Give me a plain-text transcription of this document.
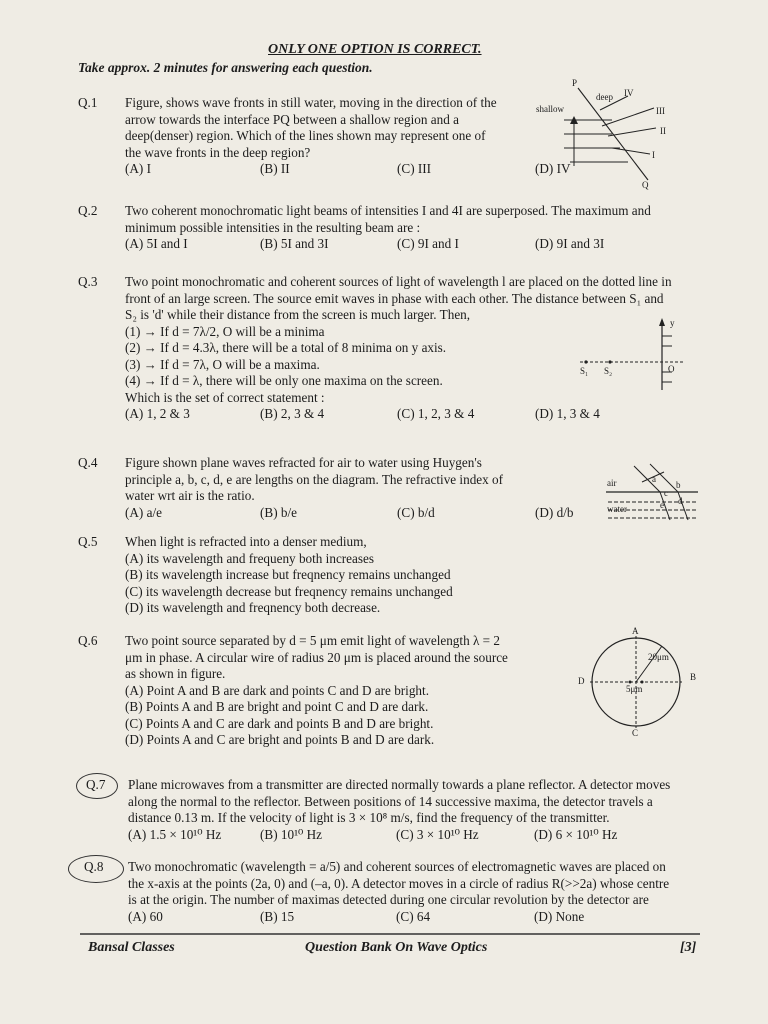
ONLY ONE OPTION IS CORRECT.
Take approx. 2 minutes for answering each question.
Q.1	Figure, shows wave fronts in still water, moving in the direction of the
arrow towards the interface PQ between a shallow region and a
deep(denser) region. Which of the lines shown may represent one of
the wave fronts in the deep region?
(A) I	(B) II	(C) III	(D) IV
P
Q
shallow
deep IV
III
II
I
Q.2	Two coherent monochromatic light beams of intensities I and 4I are superposed. The maximum and
minimum possible intensities in the resulting beam are :
(A) 5I and I	(B) 5I and 3I	(C) 9I and I	(D) 9I and 3I
Q.3	Two point monochromatic and coherent sources of light of wavelength l are placed on the dotted line in
front of an large screen. The source emit waves in phase with each other. The distance between S₁ and
S₂ is 'd' while their distance from the screen is much larger. Then,
(1) → If d = 7λ/2, O will be a minima
(2) → If d = 4.3λ, there will be a total of 8 minima on y axis.
(3) → If d = 7λ, O will be a maxima.
(4) → If d = λ, there will be only one maxima on the screen.
Which is the set of correct statement :
(A) 1, 2 & 3	(B) 2, 3 & 4	(C) 1, 2, 3 & 4	(D) 1, 3 & 4
y
S₁ S₂	O
Q.4	Figure shown plane waves refracted for air to water using Huygen's
principle a, b, c, d, e are lengths on the diagram. The refractive index of
water wrt air is the ratio.
(A) a/e	(B) b/e	(C) b/d	(D) d/b
air
water
a
b
c
d
e
Q.5	When light is refracted into a denser medium,
(A) its wavelength and frequeny both increases
(B) its wavelength increase but freqnency remains unchanged
(C) its wavelength decrease but freqnency remains unchanged
(D) its wavelength and freqnency both decrease.
Q.6	Two point source separated by d = 5 μm emit light of wavelength λ = 2
μm in phase. A circular wire of radius 20 μm is placed around the source
as shown in figure.
(A) Point A and B are dark and points C and D are bright.
(B) Points A and B are bright and point C and D are dark.
(C) Points A and C are dark and points B and D are bright.
(D) Points A and C are bright and points B and D are dark.
A
B
C
D
20μm
5μm
Q.7	Plane microwaves from a transmitter are directed normally towards a plane reflector. A detector moves
along the normal to the reflector. Between positions of 14 successive maxima, the detector travels a
distance 0.13 m. If the velocity of light is 3 × 10⁸ m/s, find the frequency of the transmitter.
(A) 1.5 × 10¹⁰ Hz	(B) 10¹⁰ Hz	(C) 3 × 10¹⁰ Hz	(D) 6 × 10¹⁰ Hz
Q.8	Two monochromatic (wavelength = a/5) and coherent sources of electromagnetic waves are placed on
the x-axis at the points (2a, 0) and (–a, 0). A detector moves in a circle of radius R(>>2a) whose centre
is at the origin. The number of maximas detected during one circular revolution by the detector are
(A) 60	(B) 15	(C) 64	(D) None
Bansal Classes	Question Bank On Wave Optics	[3]
